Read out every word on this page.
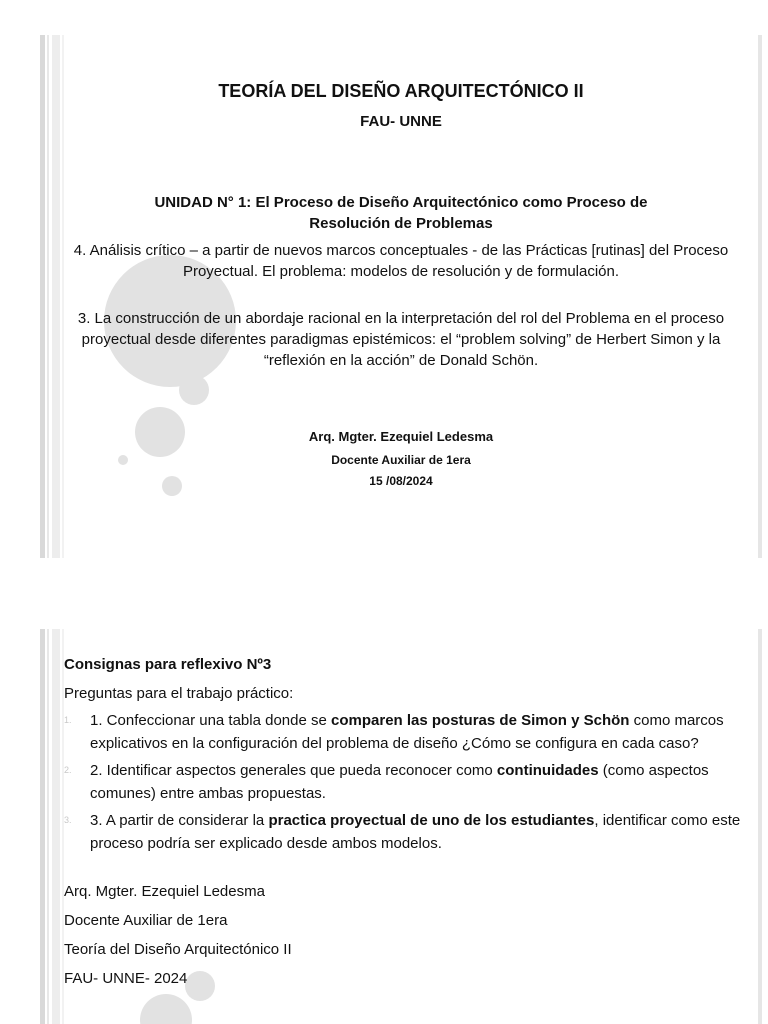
TEORÍA DEL DISEÑO ARQUITECTÓNICO II
FAU- UNNE
UNIDAD N° 1: El Proceso de Diseño Arquitectónico como Proceso de
Resolución de Problemas
4. Análisis crítico – a partir de nuevos marcos conceptuales - de las Prácticas [rutinas] del Proceso Proyectual. El problema: modelos de resolución y de formulación.
3. La construcción de un abordaje racional en la interpretación del rol del Problema en el proceso proyectual desde diferentes paradigmas epistémicos: el “problem solving” de Herbert Simon y la “reflexión en la acción” de Donald Schön.
Arq. Mgter. Ezequiel Ledesma
Docente Auxiliar de 1era
15 /08/2024
Consignas para reflexivo Nº3
Preguntas para el trabajo práctico:
1. 1. Confeccionar una tabla donde se comparen las posturas de Simon y Schön como marcos explicativos en la configuración del problema de diseño ¿Cómo se configura en cada caso?
2. 2. Identificar aspectos generales que pueda reconocer como continuidades (como aspectos comunes) entre ambas propuestas.
3. 3. A partir de considerar la practica proyectual de uno de los estudiantes, identificar como este proceso podría ser explicado desde ambos modelos.
Arq. Mgter. Ezequiel Ledesma
Docente Auxiliar de 1era
Teoría del Diseño Arquitectónico II
FAU- UNNE- 2024
